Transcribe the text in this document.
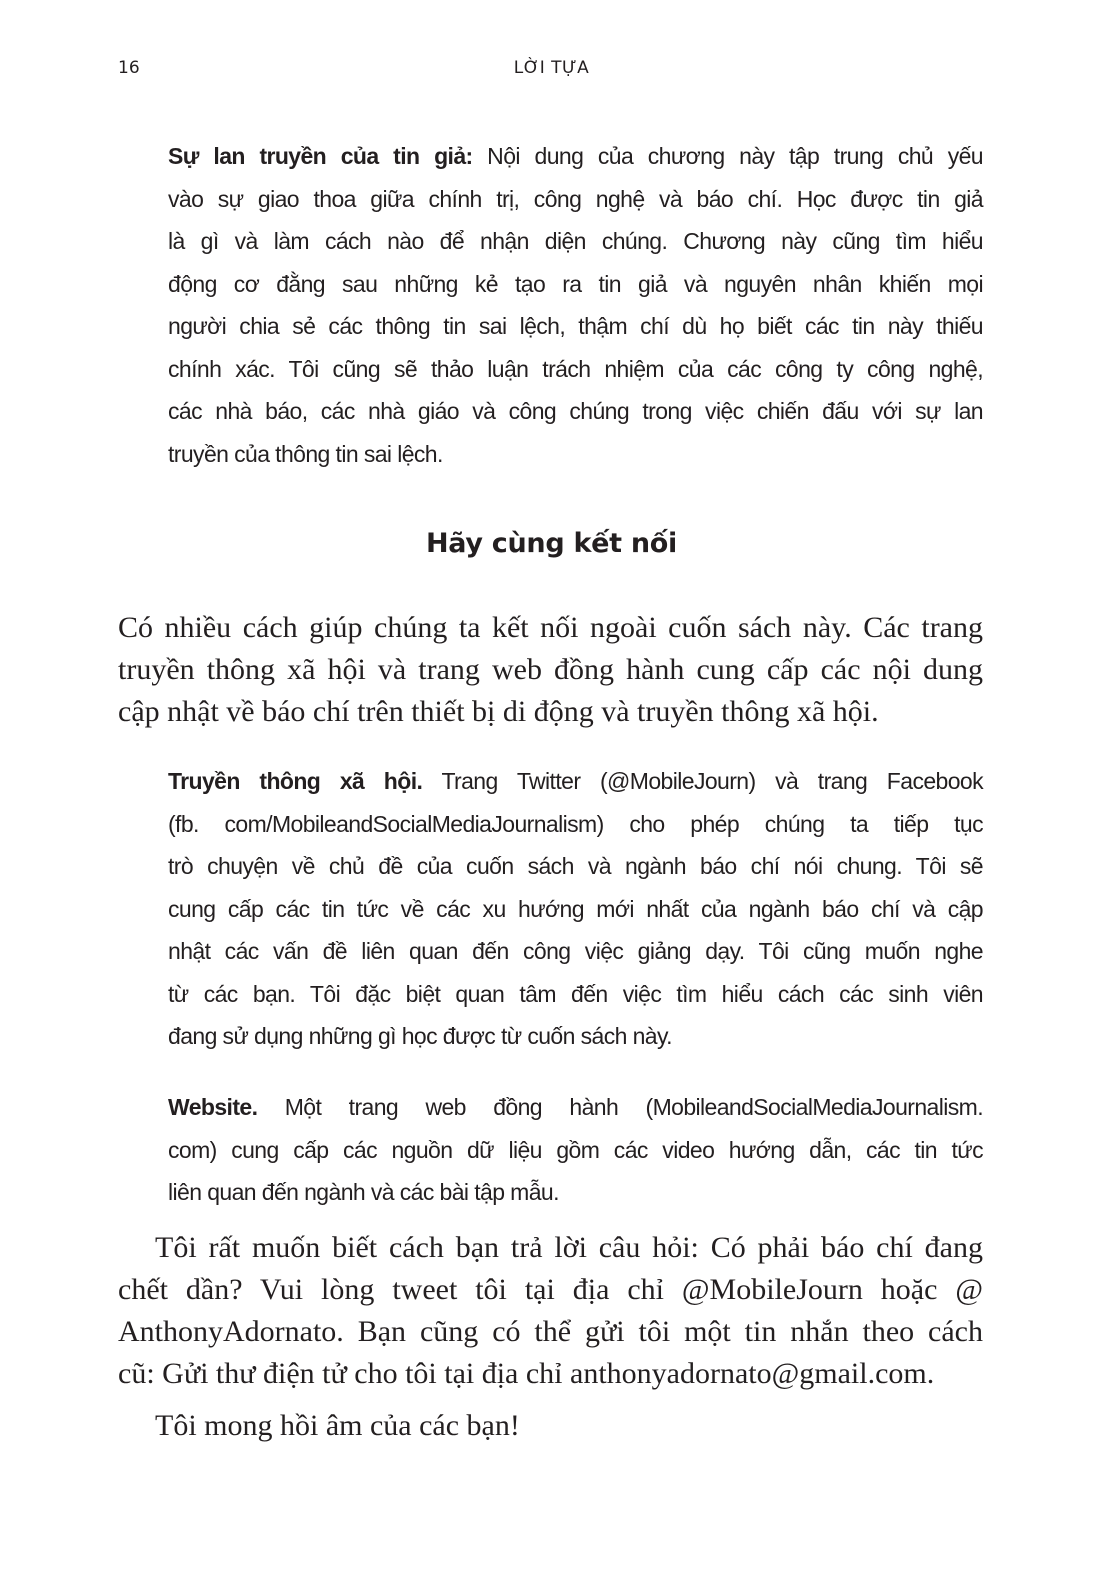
16	LỜI TỰA
Sự lan truyền của tin giả: Nội dung của chương này tập trung chủ yếu
vào sự giao thoa giữa chính trị, công nghệ và báo chí. Học được tin giả
là gì và làm cách nào để nhận diện chúng. Chương này cũng tìm hiểu
động cơ đằng sau những kẻ tạo ra tin giả và nguyên nhân khiến mọi
người chia sẻ các thông tin sai lệch, thậm chí dù họ biết các tin này thiếu
chính xác. Tôi cũng sẽ thảo luận trách nhiệm của các công ty công nghệ,
các nhà báo, các nhà giáo và công chúng trong việc chiến đấu với sự lan
truyền của thông tin sai lệch.
Hãy cùng kết nối
Có nhiều cách giúp chúng ta kết nối ngoài cuốn sách này. Các trang
truyền thông xã hội và trang web đồng hành cung cấp các nội dung
cập nhật về báo chí trên thiết bị di động và truyền thông xã hội.
Truyền thông xã hội. Trang Twitter (@MobileJourn) và trang Facebook
(fb. com/MobileandSocialMediaJournalism) cho phép chúng ta tiếp tục
trò chuyện về chủ đề của cuốn sách và ngành báo chí nói chung. Tôi sẽ
cung cấp các tin tức về các xu hướng mới nhất của ngành báo chí và cập
nhật các vấn đề liên quan đến công việc giảng dạy. Tôi cũng muốn nghe
từ các bạn. Tôi đặc biệt quan tâm đến việc tìm hiểu cách các sinh viên
đang sử dụng những gì học được từ cuốn sách này.
Website. Một trang web đồng hành (MobileandSocialMediaJournalism.
com) cung cấp các nguồn dữ liệu gồm các video hướng dẫn, các tin tức
liên quan đến ngành và các bài tập mẫu.
Tôi rất muốn biết cách bạn trả lời câu hỏi: Có phải báo chí đang
chết dần? Vui lòng tweet tôi tại địa chỉ @MobileJourn hoặc @
AnthonyAdornato. Bạn cũng có thể gửi tôi một tin nhắn theo cách
cũ: Gửi thư điện tử cho tôi tại địa chỉ anthonyadornato@gmail.com.
Tôi mong hồi âm của các bạn!
